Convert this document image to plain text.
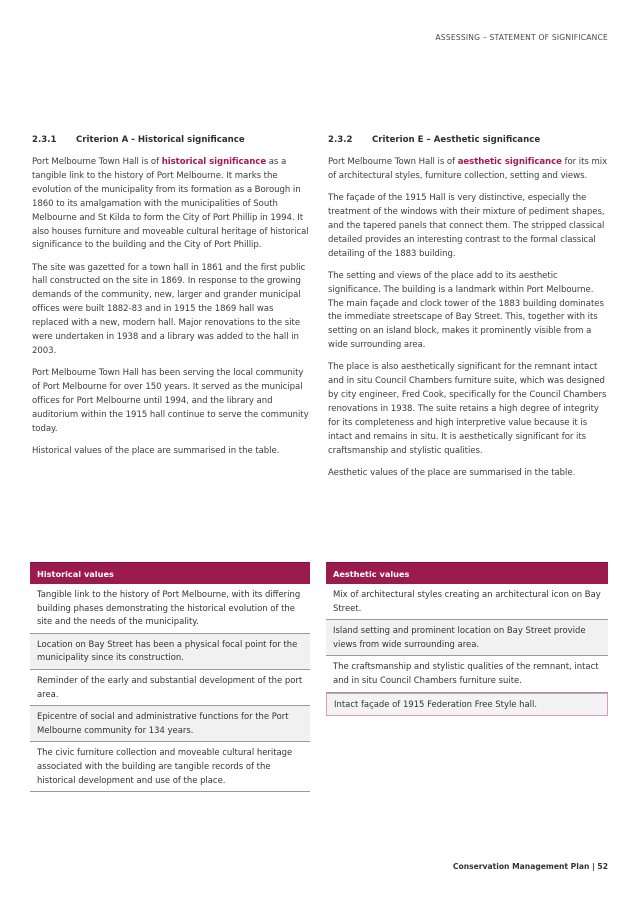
ASSESSING – STATEMENT OF SIGNIFICANCE
2.3.1	Criterion A - Historical significance

Port Melbourne Town Hall is of historical significance as a tangible link to the history of Port Melbourne. It marks the evolution of the municipality from its formation as a Borough in 1860 to its amalgamation with the municipalities of South Melbourne and St Kilda to form the City of Port Phillip in 1994. It also houses furniture and moveable cultural heritage of historical significance to the building and the City of Port Phillip.

The site was gazetted for a town hall in 1861 and the first public hall constructed on the site in 1869. In response to the growing demands of the community, new, larger and grander municipal offices were built 1882-83 and in 1915 the 1869 hall was replaced with a new, modern hall. Major renovations to the site were undertaken in 1938 and a library was added to the hall in 2003.

Port Melbourne Town Hall has been serving the local community of Port Melbourne for over 150 years. It served as the municipal offices for Port Melbourne until 1994, and the library and auditorium within the 1915 hall continue to serve the community today.

Historical values of the place are summarised in the table.

2.3.2	Criterion E – Aesthetic significance

Port Melbourne Town Hall is of aesthetic significance for its mix of architectural styles, furniture collection, setting and views.

The façade of the 1915 Hall is very distinctive, especially the treatment of the windows with their mixture of pediment shapes, and the tapered panels that connect them. The stripped classical detailed provides an interesting contrast to the formal classical detailing of the 1883 building.

The setting and views of the place add to its aesthetic significance. The building is a landmark within Port Melbourne. The main façade and clock tower of the 1883 building dominates the immediate streetscape of Bay Street. This, together with its setting on an island block, makes it prominently visible from a wide surrounding area.

The place is also aesthetically significant for the remnant intact and in situ Council Chambers furniture suite, which was designed by city engineer, Fred Cook, specifically for the Council Chambers renovations in 1938. The suite retains a high degree of integrity for its completeness and high interpretive value because it is intact and remains in situ. It is aesthetically significant for its craftsmanship and stylistic qualities.

Aesthetic values of the place are summarised in the table.

Historical values
Tangible link to the history of Port Melbourne, with its differing building phases demonstrating the historical evolution of the site and the needs of the municipality.
Location on Bay Street has been a physical focal point for the municipality since its construction.
Reminder of the early and substantial development of the port area.
Epicentre of social and administrative functions for the Port Melbourne community for 134 years.
The civic furniture collection and moveable cultural heritage associated with the building are tangible records of the historical development and use of the place.
Aesthetic values
Mix of architectural styles creating an architectural icon on Bay Street.
Island setting and prominent location on Bay Street provide views from wide surrounding area.
The craftsmanship and stylistic qualities of the remnant, intact and in situ Council Chambers furniture suite.
Intact façade of 1915 Federation Free Style hall.
Conservation Management Plan | 52
